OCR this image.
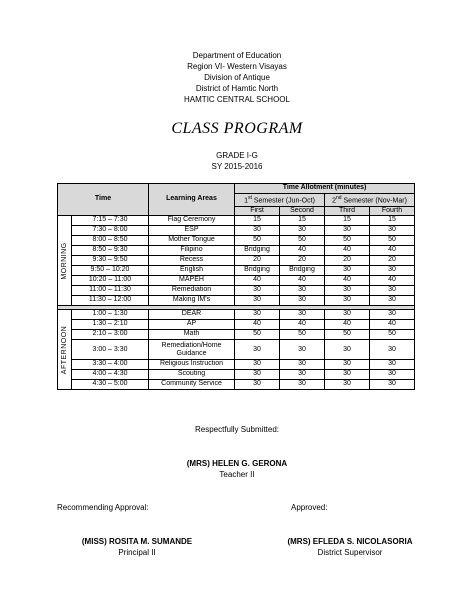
Department of Education
Region VI- Western Visayas
Division of Antique
District of Hamtic North
HAMTIC CENTRAL SCHOOL
CLASS PROGRAM
GRADE I-G
SY 2015-2016
Time		Learning Areas	Time Allotment (minutes)			
			1st Semester (Jun-Oct)		2nd Semester (Nov-Mar)	
			First	Second	Third	Fourth

MORNING	7:15 – 7:30	Flag Ceremony	15	15	15	15
	7:30 – 8:00	ESP	30	30	30	30
	8:00 – 8:50	Mother Tongue	50	50	50	50
	8:50 – 9:30	Filipino	Bridging	40	40	40
	9:30 – 9:50	Recess	20	20	20	20
	9:50 – 10:20	English	Bridging	Bridging	30	30
	10:20 – 11:00	MAPEH	40	40	40	40
	11:00 – 11:30	Remediation	30	30	30	30
	11:30 – 12:00	Making IM’s	30	30	30	30

AFTERNOON	1:00 – 1:30	DEAR	30	30	30	30
	1:30 – 2:10	AP	40	40	40	40
	2:10 – 3:00	Math	50	50	50	50
	3:00 – 3:30	Remediation/Home Guidance	30	30	30	30
	3:30 – 4:00	Religious Instruction	30	30	30	30
	4:00 – 4:30	Scouting	30	30	30	30
	4:30 – 5:00	Community Service	30	30	30	30
Respectfully Submitted:
(MRS) HELEN G. GERONA
Teacher II
Recommending Approval:	Approved:
(MISS) ROSITA M. SUMANDE
Principal II
(MRS) EFLEDA S. NICOLASORIA
District Supervisor
